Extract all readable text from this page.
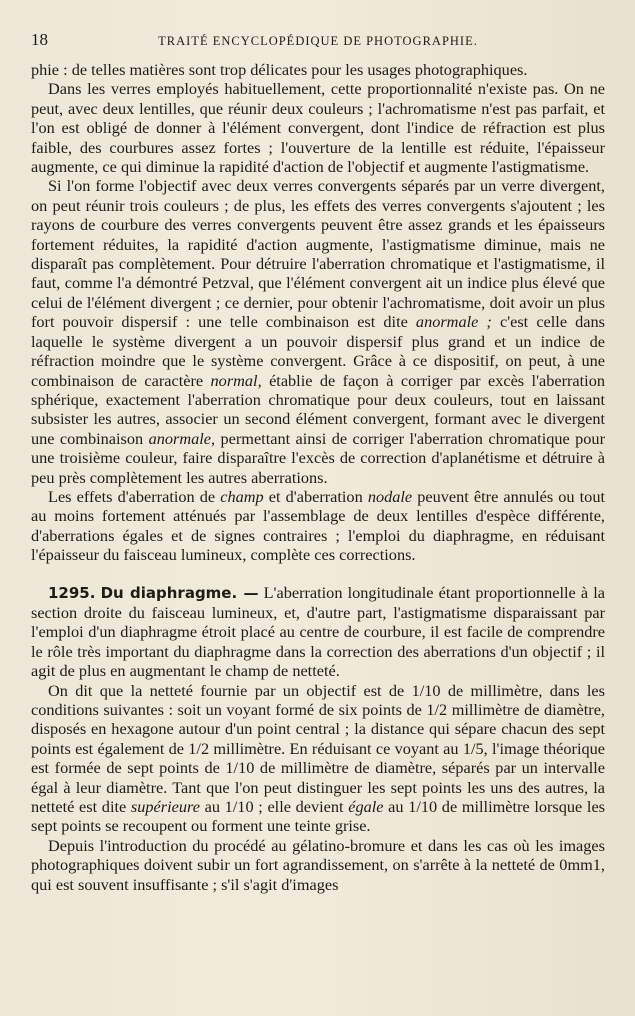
18	TRAITÉ ENCYCLOPÉDIQUE DE PHOTOGRAPHIE.

phie : de telles matières sont trop délicates pour les usages photographiques.

Dans les verres employés habituellement, cette proportionnalité n'existe pas. On ne peut, avec deux lentilles, que réunir deux couleurs ; l'achromatisme n'est pas parfait, et l'on est obligé de donner à l'élément convergent, dont l'indice de réfraction est plus faible, des courbures assez fortes ; l'ouverture de la lentille est réduite, l'épaisseur augmente, ce qui diminue la rapidité d'action de l'objectif et augmente l'astigmatisme.

Si l'on forme l'objectif avec deux verres convergents séparés par un verre divergent, on peut réunir trois couleurs ; de plus, les effets des verres convergents s'ajoutent ; les rayons de courbure des verres convergents peuvent être assez grands et les épaisseurs fortement réduites, la rapidité d'action augmente, l'astigmatisme diminue, mais ne disparaît pas complètement. Pour détruire l'aberration chromatique et l'astigmatisme, il faut, comme l'a démontré Petzval, que l'élément convergent ait un indice plus élevé que celui de l'élément divergent ; ce dernier, pour obtenir l'achromatisme, doit avoir un plus fort pouvoir dispersif : une telle combinaison est dite anormale ; c'est celle dans laquelle le système divergent a un pouvoir dispersif plus grand et un indice de réfraction moindre que le système convergent. Grâce à ce dispositif, on peut, à une combinaison de caractère normal, établie de façon à corriger par excès l'aberration sphérique, exactement l'aberration chromatique pour deux couleurs, tout en laissant subsister les autres, associer un second élément convergent, formant avec le divergent une combinaison anormale, permettant ainsi de corriger l'aberration chromatique pour une troisième couleur, faire disparaître l'excès de correction d'aplanétisme et détruire à peu près complètement les autres aberrations.

Les effets d'aberration de champ et d'aberration nodale peuvent être annulés ou tout au moins fortement atténués par l'assemblage de deux lentilles d'espèce différente, d'aberrations égales et de signes contraires ; l'emploi du diaphragme, en réduisant l'épaisseur du faisceau lumineux, complète ces corrections.

1295. Du diaphragme. — L'aberration longitudinale étant proportionnelle à la section droite du faisceau lumineux, et, d'autre part, l'astigmatisme disparaissant par l'emploi d'un diaphragme étroit placé au centre de courbure, il est facile de comprendre le rôle très important du diaphragme dans la correction des aberrations d'un objectif ; il agit de plus en augmentant le champ de netteté.

On dit que la netteté fournie par un objectif est de 1/10 de millimètre, dans les conditions suivantes : soit un voyant formé de six points de 1/2 millimètre de diamètre, disposés en hexagone autour d'un point central ; la distance qui sépare chacun des sept points est également de 1/2 millimètre. En réduisant ce voyant au 1/5, l'image théorique est formée de sept points de 1/10 de millimètre de diamètre, séparés par un intervalle égal à leur diamètre. Tant que l'on peut distinguer les sept points les uns des autres, la netteté est dite supérieure au 1/10 ; elle devient égale au 1/10 de millimètre lorsque les sept points se recoupent ou forment une teinte grise.

Depuis l'introduction du procédé au gélatino-bromure et dans les cas où les images photographiques doivent subir un fort agrandissement, on s'arrête à la netteté de 0mm1, qui est souvent insuffisante ; s'il s'agit d'images
